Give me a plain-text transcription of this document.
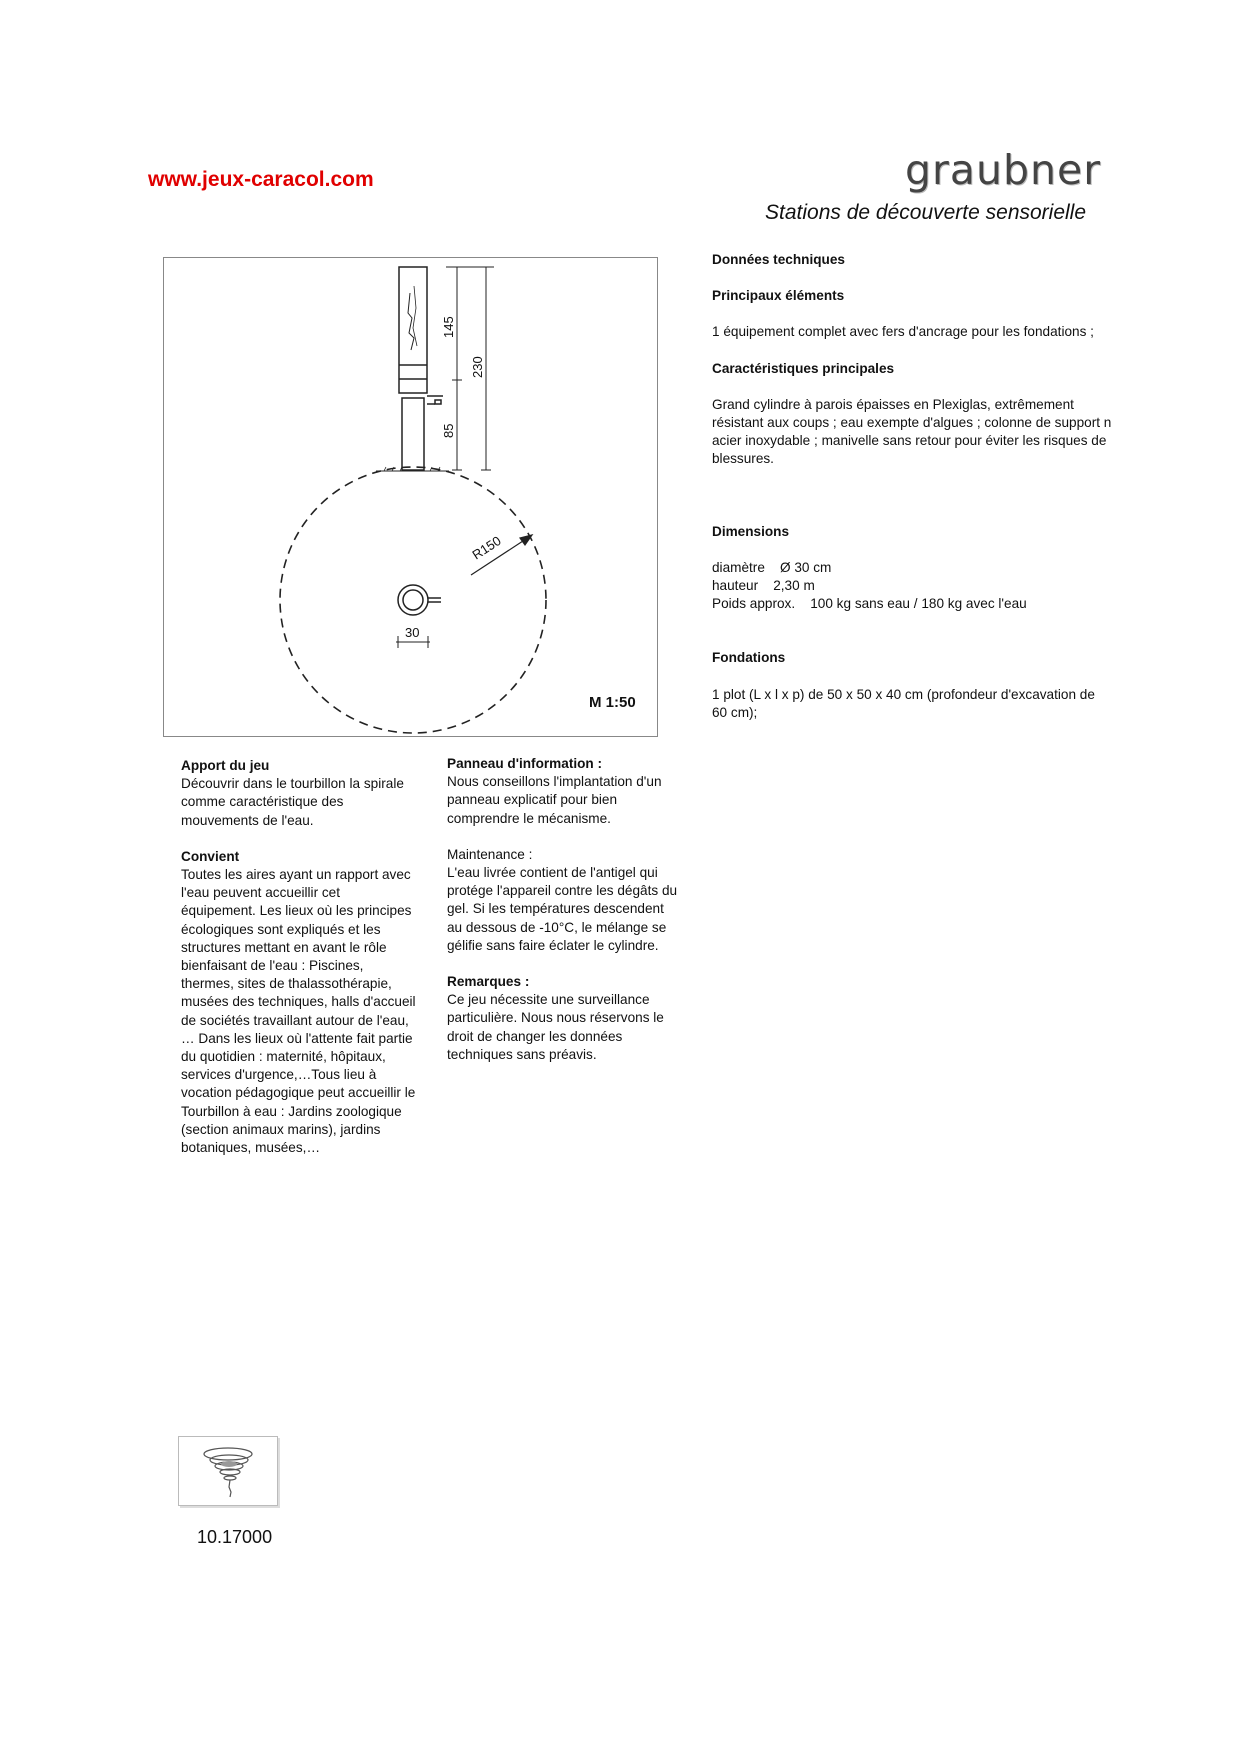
www.jeux-caracol.com	graubner
Stations de découverte sensorielle
145
230
85
R150
30
M 1:50

Données techniques

Principaux éléments

1 équipement complet avec fers d'ancrage pour les fondations ;

Caractéristiques principales

Grand cylindre à parois épaisses en Plexiglas, extrêmement résistant aux coups ; eau exempte d'algues ; colonne de support n acier inoxydable ; manivelle sans retour pour éviter les risques de blessures.

Dimensions

diamètre    Ø 30 cm

hauteur    2,30 m

Poids approx.    100 kg sans eau / 180 kg avec l'eau

Fondations

1 plot (L x l x p) de 50 x 50 x 40 cm (profondeur d'excavation de 60 cm);

Apport du jeu

Découvrir dans le tourbillon la spirale comme caractéristique des mouvements de l'eau.

Convient

Toutes les aires ayant un rapport avec l'eau peuvent accueillir cet équipement. Les lieux où les principes écologiques sont expliqués et les structures mettant en avant le rôle bienfaisant de l'eau : Piscines, thermes, sites de thalassothérapie, musées des techniques, halls d'accueil de sociétés travaillant autour de l'eau, … Dans les lieux où l'attente fait partie du quotidien : maternité, hôpitaux, services d'urgence,…Tous lieu à vocation pédagogique peut accueillir le Tourbillon à eau : Jardins zoologique (section animaux marins), jardins botaniques, musées,…

Panneau d'information :

Nous conseillons l'implantation d'un panneau explicatif pour bien comprendre le mécanisme.

Maintenance :

L'eau livrée contient de l'antigel qui protége l'appareil contre les dégâts du gel. Si les températures descendent au dessous de -10°C, le mélange se gélifie sans faire éclater le cylindre.

Remarques :

Ce jeu nécessite une surveillance particulière. Nous nous réservons le droit de changer les données techniques sans préavis.

10.17000
